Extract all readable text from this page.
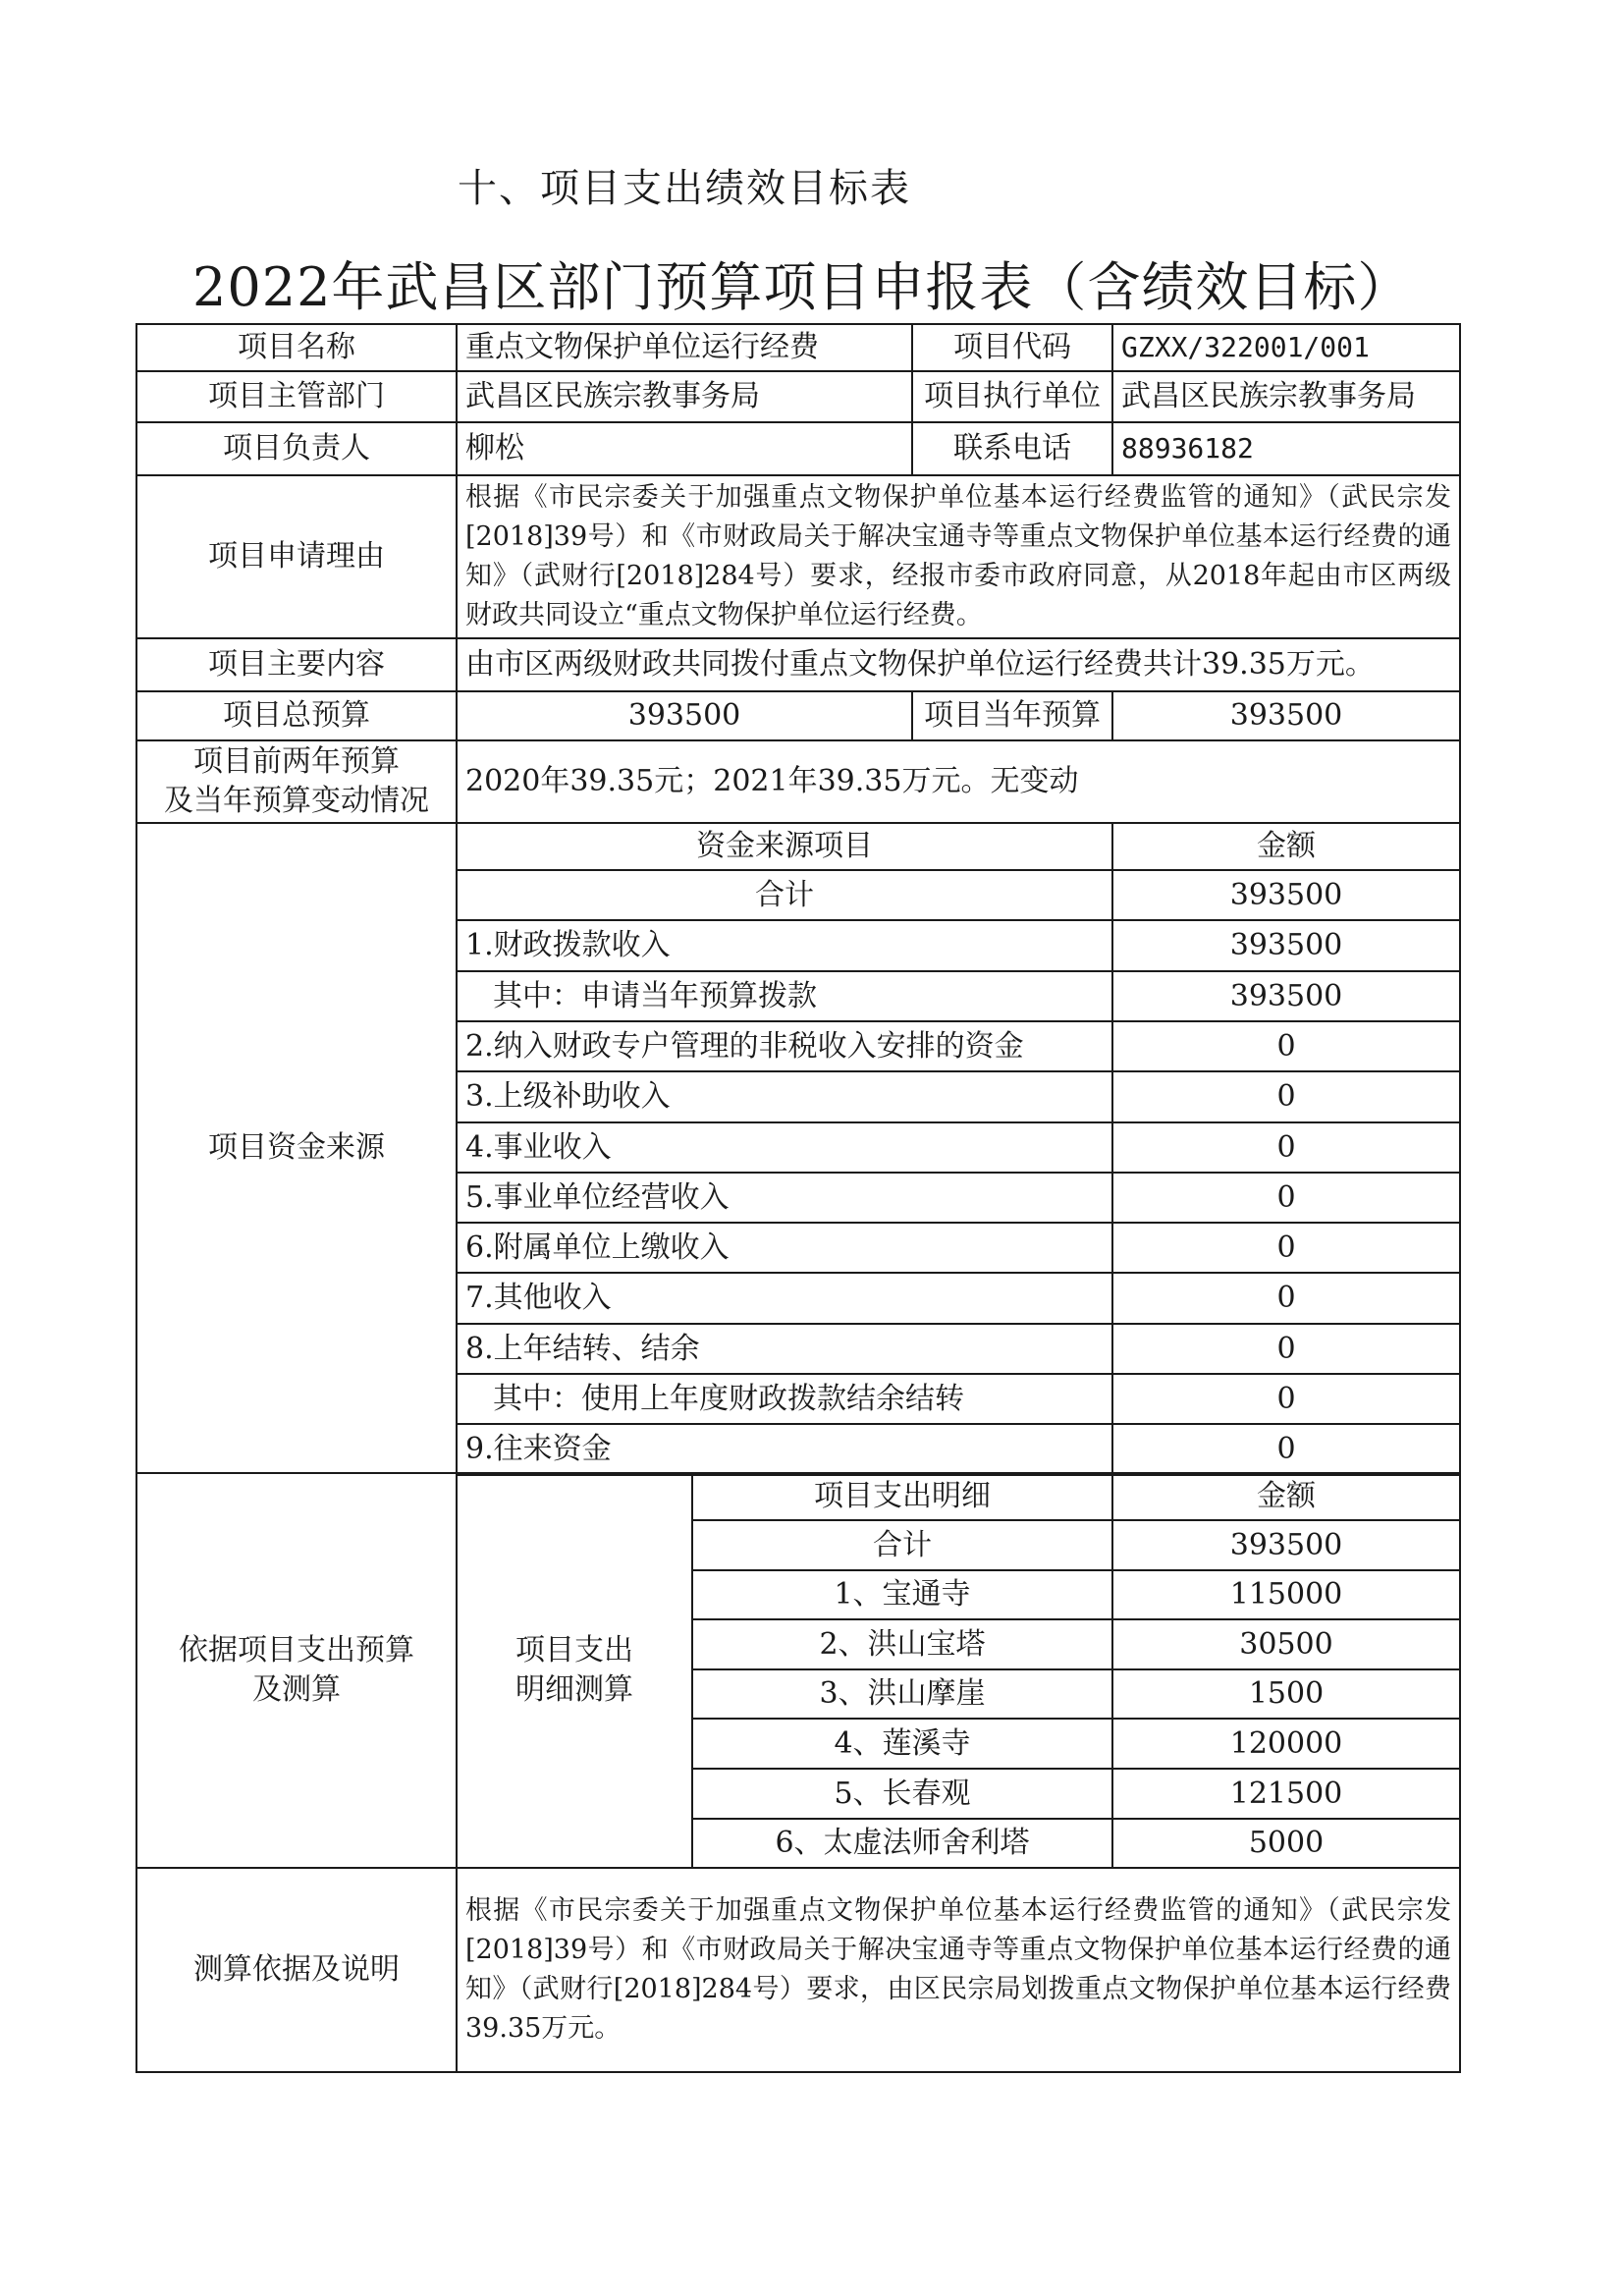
十、项目支出绩效目标表
2022年武昌区部门预算项目申报表（含绩效目标）
项目名称	重点文物保护单位运行经费	项目代码	GZXX/322001/001
项目主管部门	武昌区民族宗教事务局	项目执行单位 武昌区民族宗教事务局
项目负责人	柳松	联系电话	88936182
项目申请理由
根据《市民宗委关于加强重点文物保护单位基本运行经费监管的通知》（武民宗发[2018]39号）和《市财政局关于解决宝通寺等重点文物保护单位基本运行经费的通知》（武财行[2018]284号）要求，经报市委市政府同意，从2018年起由市区两级财政共同设立“重点文物保护单位运行经费。
项目主要内容	由市区两级财政共同拨付重点文物保护单位运行经费共计39.35万元。
项目总预算	393500	项目当年预算	393500
项目前两年预算
及当年预算变动情况
2020年39.35元；2021年39.35万元。无变动
项目资金来源
资金来源项目	金额
合计	393500
1.财政拨款收入	393500
其中：申请当年预算拨款	393500
2.纳入财政专户管理的非税收入安排的资金	0
3.上级补助收入	0
4.事业收入	0
5.事业单位经营收入	0
6.附属单位上缴收入	0
7.其他收入	0
8.上年结转、结余	0
其中：使用上年度财政拨款结余结转	0
9.往来资金	0
依据项目支出预算
及测算
项目支出
明细测算
项目支出明细	金额
合计	393500
1、宝通寺	115000
2、洪山宝塔	30500
3、洪山摩崖	1500
4、莲溪寺	120000
5、长春观	121500
6、太虚法师舍利塔	5000
测算依据及说明
根据《市民宗委关于加强重点文物保护单位基本运行经费监管的通知》（武民宗发[2018]39号）和《市财政局关于解决宝通寺等重点文物保护单位基本运行经费的通知》（武财行[2018]284号）要求，由区民宗局划拨重点文物保护单位基本运行经费39.35万元。
